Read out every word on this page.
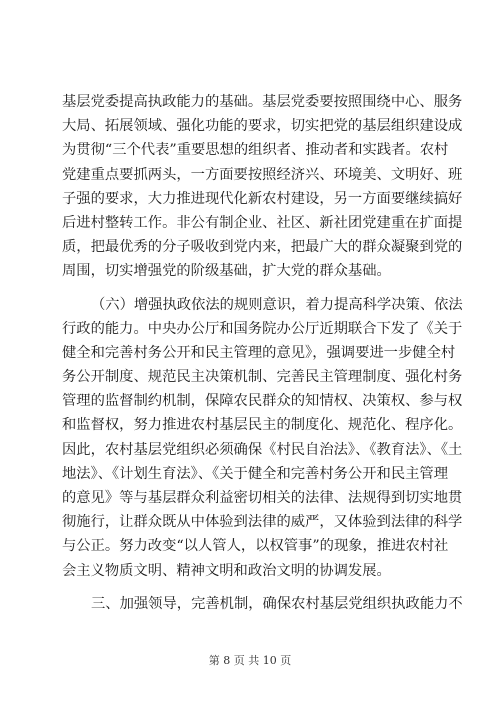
基层党委提高执政能力的基础。基层党委要按照围绕中心、服务
大局、拓展领域、强化功能的要求，切实把党的基层组织建设成
为贯彻“三个代表”重要思想的组织者、推动者和实践者。农村
党建重点要抓两头，一方面要按照经济兴、环境美、文明好、班
子强的要求，大力推进现代化新农村建设，另一方面要继续搞好
后进村整转工作。非公有制企业、社区、新社团党建重在扩面提
质，把最优秀的分子吸收到党内来，把最广大的群众凝聚到党的
周围，切实增强党的阶级基础，扩大党的群众基础。
（六）增强执政依法的规则意识，着力提高科学决策、依法
行政的能力。中央办公厅和国务院办公厅近期联合下发了《关于
健全和完善村务公开和民主管理的意见》，强调要进一步健全村
务公开制度、规范民主决策机制、完善民主管理制度、强化村务
管理的监督制约机制，保障农民群众的知情权、决策权、参与权
和监督权，努力推进农村基层民主的制度化、规范化、程序化。
因此，农村基层党组织必须确保《村民自治法》、《教育法》、《土
地法》、《计划生育法》、《关于健全和完善村务公开和民主管理
的意见》等与基层群众利益密切相关的法律、法规得到切实地贯
彻施行，让群众既从中体验到法律的威严，又体验到法律的科学
与公正。努力改变“以人管人，以权管事”的现象，推进农村社
会主义物质文明、精神文明和政治文明的协调发展。
三、加强领导，完善机制，确保农村基层党组织执政能力不
第 8 页 共 10 页
